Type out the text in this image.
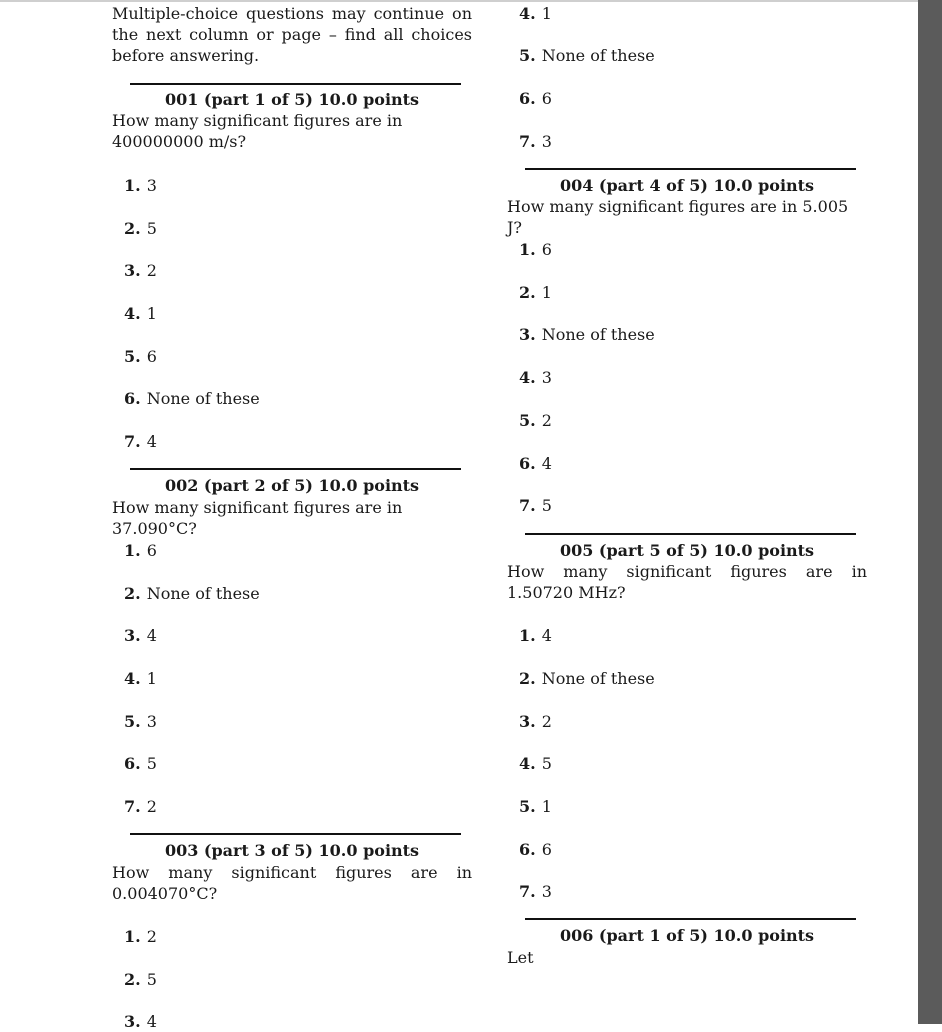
Multiple-choice questions may continue on the next column or page – find all choices before answering.
001 (part 1 of 5) 10.0 points
How many significant figures are in 400000000 m/s?
1. 3
2. 5
3. 2
4. 1
5. 6
6. None of these
7. 4
002 (part 2 of 5) 10.0 points
How many significant figures are in 37.090°C?
1. 6
2. None of these
3. 4
4. 1
5. 3
6. 5
7. 2
003 (part 3 of 5) 10.0 points
How many significant figures are in 0.004070°C?
1. 2
2. 5
3. 4
4. 1
5. None of these
6. 6
7. 3
004 (part 4 of 5) 10.0 points
How many significant figures are in 5.005 J?
1. 6
2. 1
3. None of these
4. 3
5. 2
6. 4
7. 5
005 (part 5 of 5) 10.0 points
How many significant figures are in 1.50720 MHz?
1. 4
2. None of these
3. 2
4. 5
5. 1
6. 6
7. 3
006 (part 1 of 5) 10.0 points
Let
